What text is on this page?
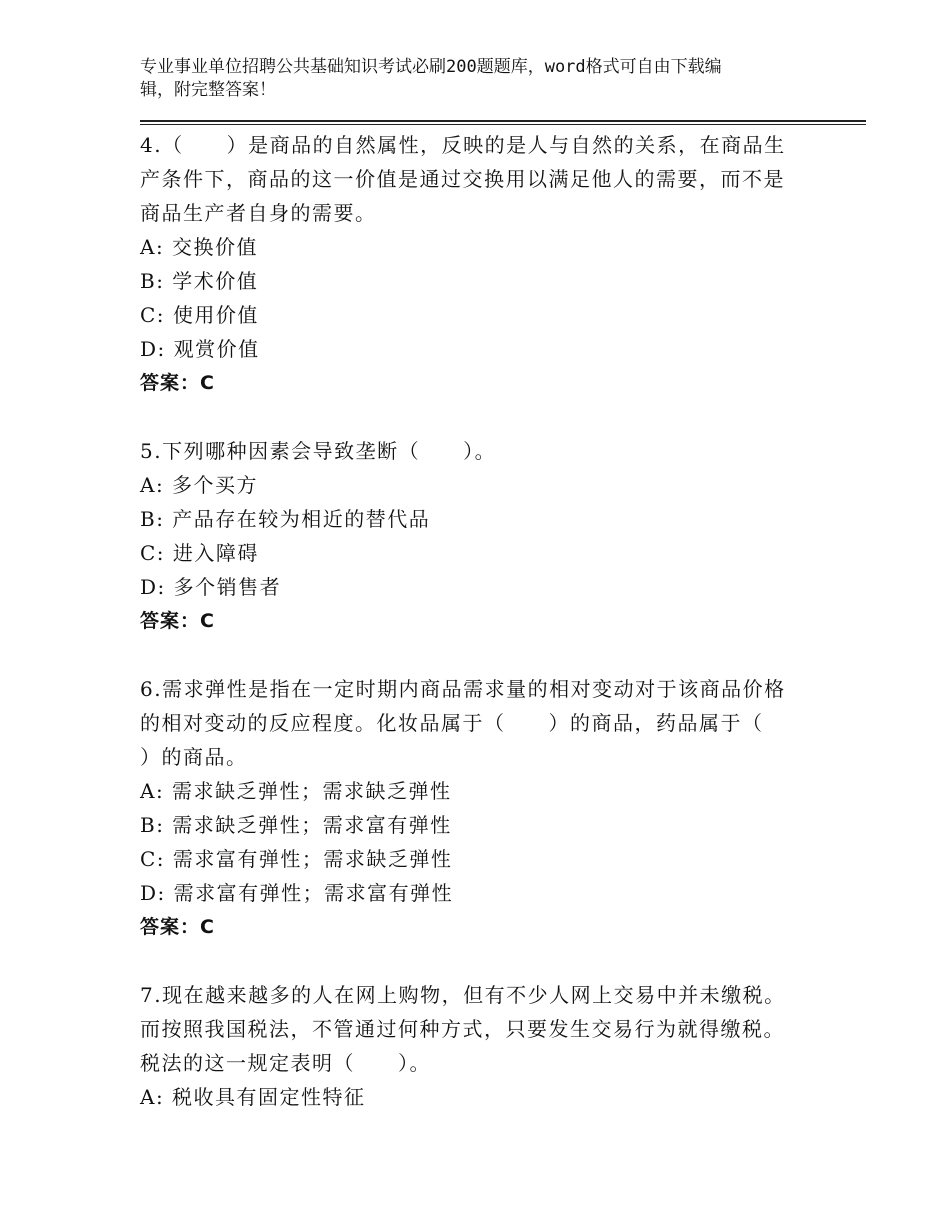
专业事业单位招聘公共基础知识考试必刷200题题库，word格式可自由下载编
辑，附完整答案！
4.（　　）是商品的自然属性，反映的是人与自然的关系，在商品生
产条件下，商品的这一价值是通过交换用以满足他人的需要，而不是
商品生产者自身的需要。
A: 交换价值
B: 学术价值
C: 使用价值
D: 观赏价值
答案：C
5.下列哪种因素会导致垄断（　　）。
A: 多个买方
B: 产品存在较为相近的替代品
C: 进入障碍
D: 多个销售者
答案：C
6.需求弹性是指在一定时期内商品需求量的相对变动对于该商品价格
的相对变动的反应程度。化妆品属于（　　）的商品，药品属于（
）的商品。
A: 需求缺乏弹性；需求缺乏弹性
B: 需求缺乏弹性；需求富有弹性
C: 需求富有弹性；需求缺乏弹性
D: 需求富有弹性；需求富有弹性
答案：C
7.现在越来越多的人在网上购物，但有不少人网上交易中并未缴税。
而按照我国税法，不管通过何种方式，只要发生交易行为就得缴税。
税法的这一规定表明（　　）。
A: 税收具有固定性特征
